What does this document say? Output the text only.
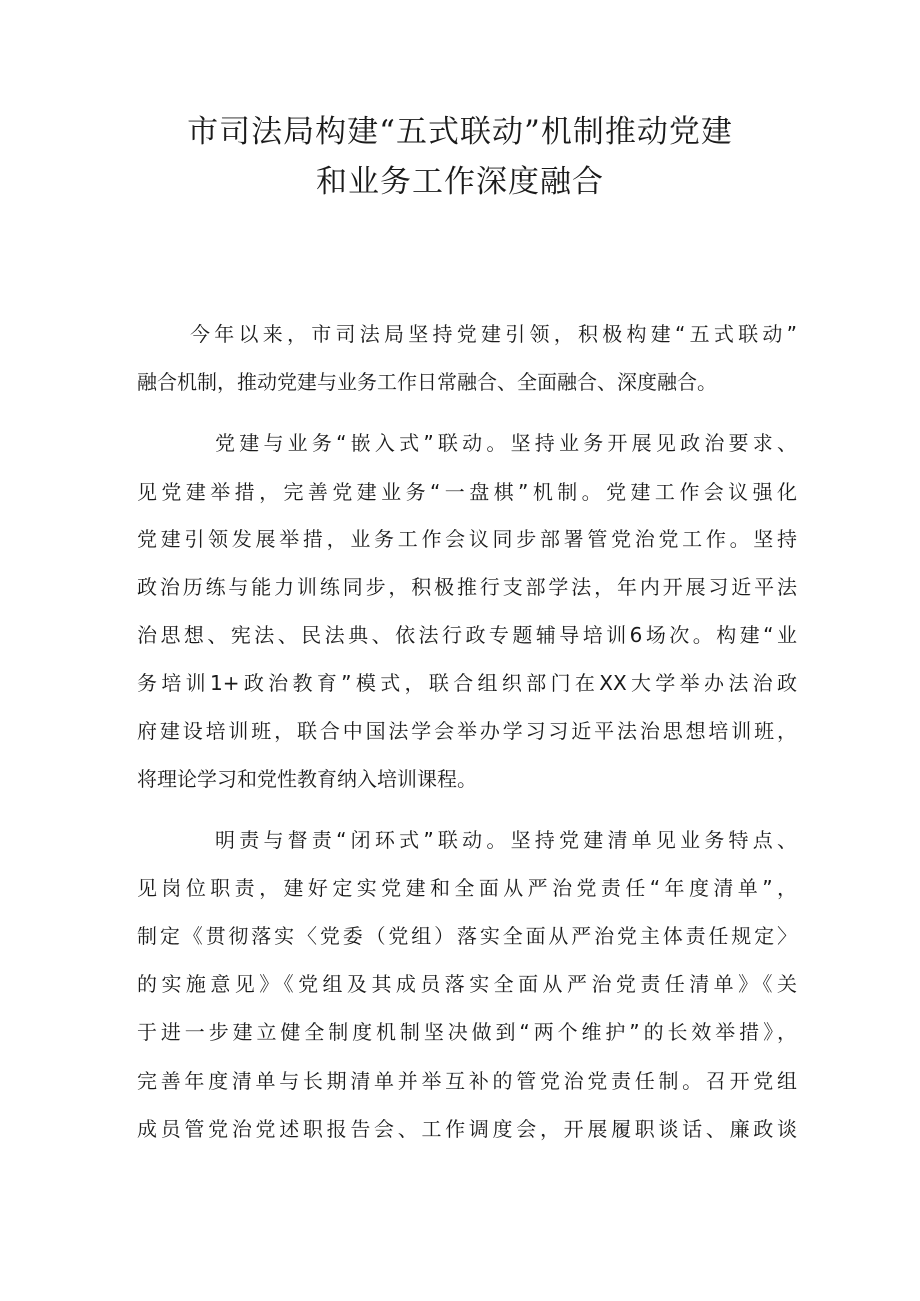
市司法局构建“五式联动”机制推动党建
和业务工作深度融合
今年以来，市司法局坚持党建引领，积极构建“五式联动”
融合机制，推动党建与业务工作日常融合、全面融合、深度融合。
党建与业务“嵌入式”联动。坚持业务开展见政治要求、
见党建举措，完善党建业务“一盘棋”机制。党建工作会议强化
党建引领发展举措，业务工作会议同步部署管党治党工作。坚持
政治历练与能力训练同步，积极推行支部学法，年内开展习近平法
治思想、宪法、民法典、依法行政专题辅导培训6场次。构建“业
务培训1+政治教育”模式，联合组织部门在XX大学举办法治政
府建设培训班，联合中国法学会举办学习习近平法治思想培训班，
将理论学习和党性教育纳入培训课程。
明责与督责“闭环式”联动。坚持党建清单见业务特点、
见岗位职责，建好定实党建和全面从严治党责任“年度清单”，
制定《贯彻落实〈党委（党组）落实全面从严治党主体责任规定〉
的实施意见》《党组及其成员落实全面从严治党责任清单》《关
于进一步建立健全制度机制坚决做到“两个维护”的长效举措》，
完善年度清单与长期清单并举互补的管党治党责任制。召开党组
成员管党治党述职报告会、工作调度会，开展履职谈话、廉政谈
